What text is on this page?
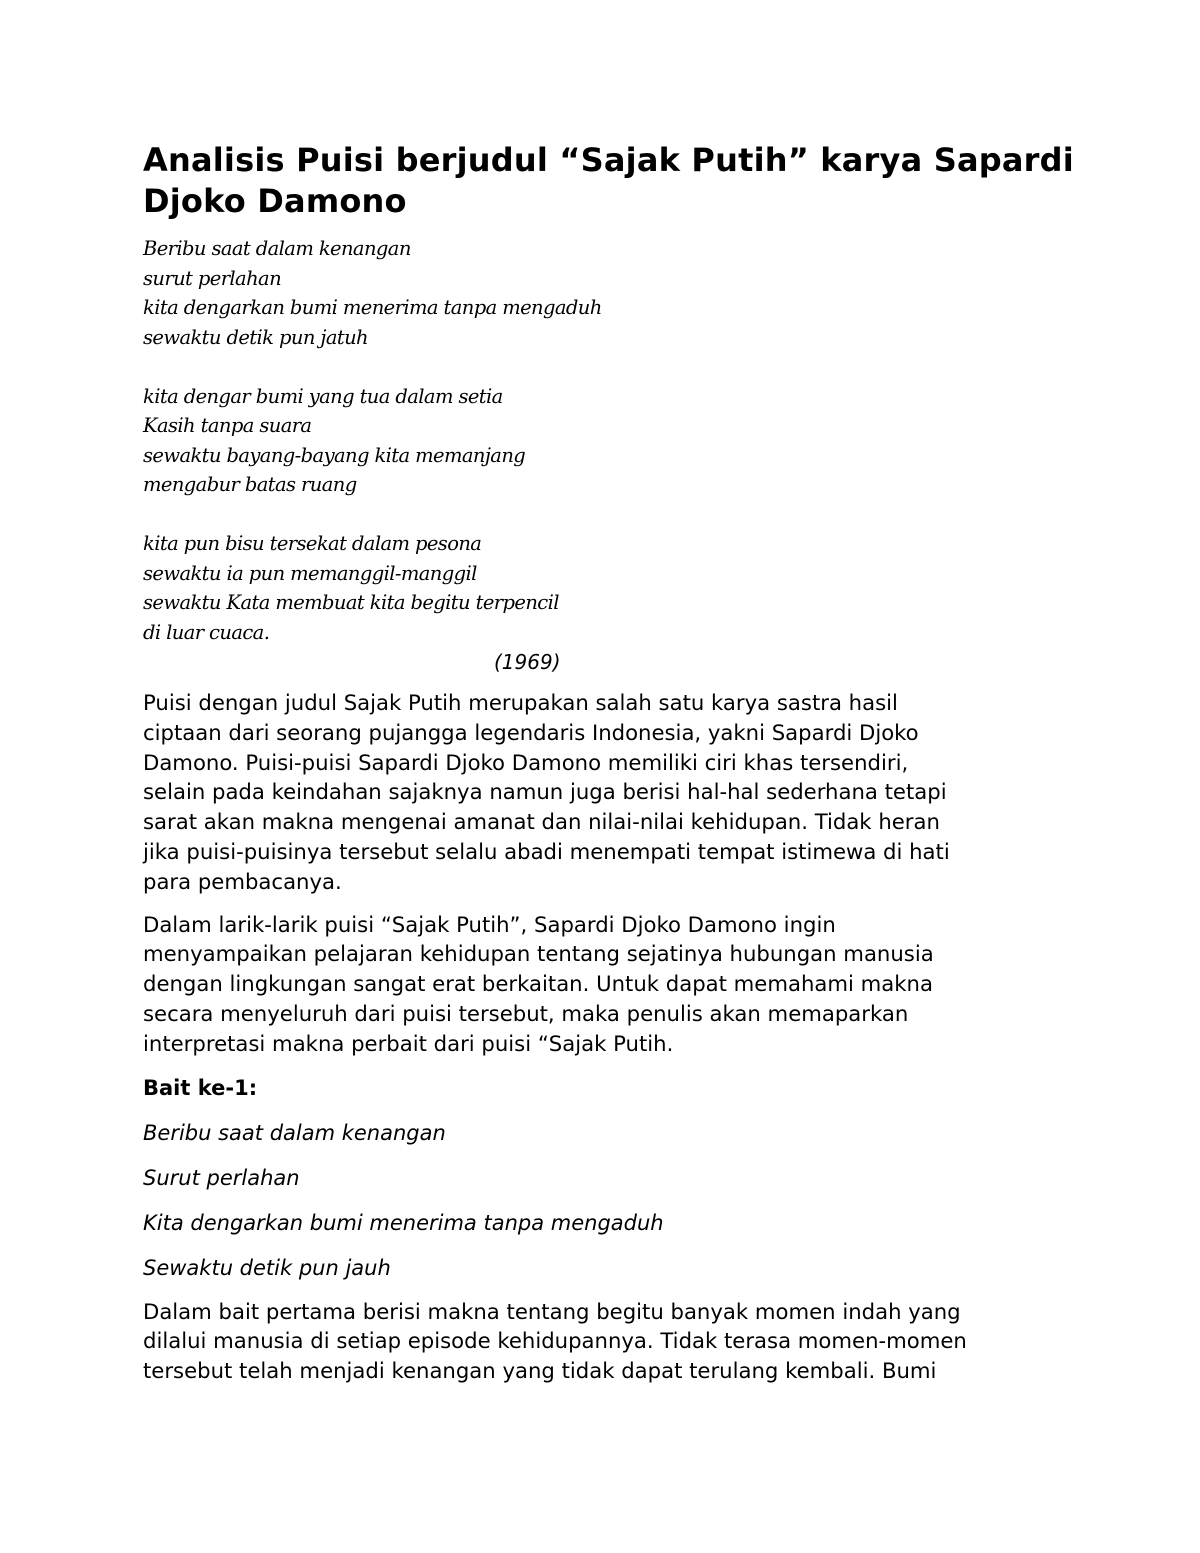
Analisis Puisi berjudul “Sajak Putih” karya Sapardi
Djoko Damono
Beribu saat dalam kenangan
surut perlahan
kita dengarkan bumi menerima tanpa mengaduh
sewaktu detik pun jatuh
kita dengar bumi yang tua dalam setia
Kasih tanpa suara
sewaktu bayang-bayang kita memanjang
mengabur batas ruang
kita pun bisu tersekat dalam pesona
sewaktu ia pun memanggil-manggil
sewaktu Kata membuat kita begitu terpencil
di luar cuaca.
(1969)

Puisi dengan judul Sajak Putih merupakan salah satu karya sastra hasil
ciptaan dari seorang pujangga legendaris Indonesia, yakni Sapardi Djoko
Damono. Puisi-puisi Sapardi Djoko Damono memiliki ciri khas tersendiri,
selain pada keindahan sajaknya namun juga berisi hal-hal sederhana tetapi
sarat akan makna mengenai amanat dan nilai-nilai kehidupan. Tidak heran
jika puisi-puisinya tersebut selalu abadi menempati tempat istimewa di hati
para pembacanya.

Dalam larik-larik puisi “Sajak Putih”, Sapardi Djoko Damono ingin
menyampaikan pelajaran kehidupan tentang sejatinya hubungan manusia
dengan lingkungan sangat erat berkaitan. Untuk dapat memahami makna
secara menyeluruh dari puisi tersebut, maka penulis akan memaparkan
interpretasi makna perbait dari puisi “Sajak Putih.

Bait ke-1:
Beribu saat dalam kenangan
Surut perlahan
Kita dengarkan bumi menerima tanpa mengaduh
Sewaktu detik pun jauh

Dalam bait pertama berisi makna tentang begitu banyak momen indah yang
dilalui manusia di setiap episode kehidupannya. Tidak terasa momen-momen
tersebut telah menjadi kenangan yang tidak dapat terulang kembali. Bumi
